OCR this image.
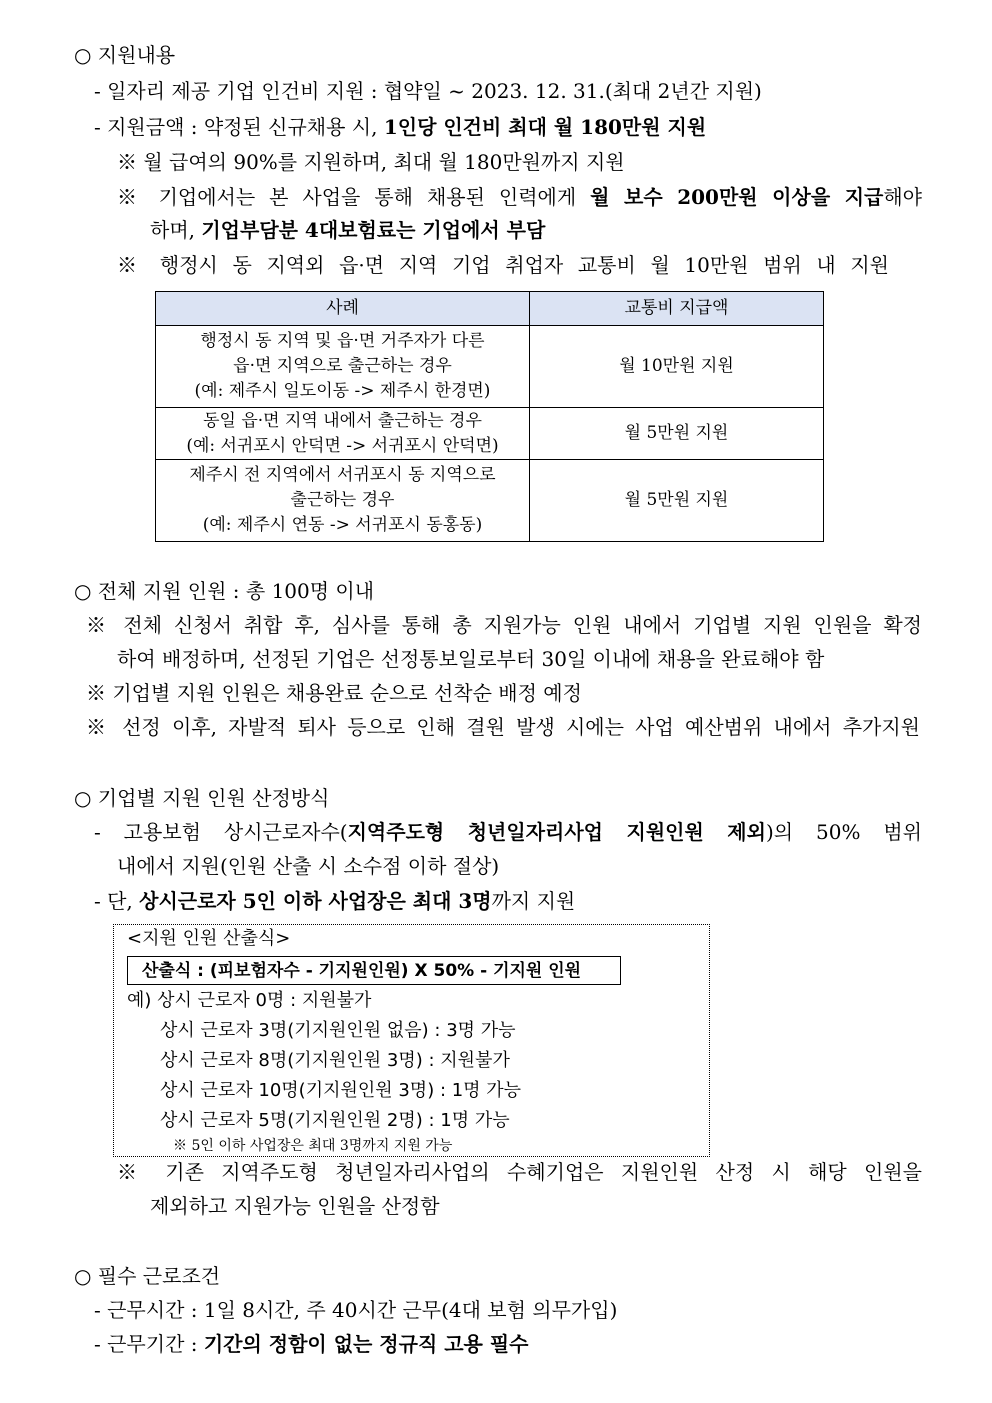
○ 지원내용
- 일자리 제공 기업 인건비 지원 : 협약일 ~ 2023. 12. 31.(최대 2년간 지원)
- 지원금액 : 약정된 신규채용 시, 1인당 인건비 최대 월 180만원 지원
※ 월 급여의 90%를 지원하며, 최대 월 180만원까지 지원
※ 기업에서는 본 사업을 통해 채용된 인력에게 월 보수 200만원 이상을 지급해야
하며, 기업부담분 4대보험료는 기업에서 부담
※ 행정시 동 지역외 읍·면 지역 기업 취업자 교통비 월 10만원 범위 내 지원
사례	교통비 지급액

행정시 동 지역 및 읍·면 거주자가 다른
읍·면 지역으로 출근하는 경우
(예: 제주시 일도이동 -> 제주시 한경면)	월 10만원 지원

동일 읍·면 지역 내에서 출근하는 경우
(예: 서귀포시 안덕면 -> 서귀포시 안덕면)	월 5만원 지원

제주시 전 지역에서 서귀포시 동 지역으로
출근하는 경우
(예: 제주시 연동 -> 서귀포시 동홍동)	월 5만원 지원
○ 전체 지원 인원 : 총 100명 이내
※ 전체 신청서 취합 후, 심사를 통해 총 지원가능 인원 내에서 기업별 지원 인원을 확정
하여 배정하며, 선정된 기업은 선정통보일로부터 30일 이내에 채용을 완료해야 함
※ 기업별 지원 인원은 채용완료 순으로 선착순 배정 예정
※ 선정 이후, 자발적 퇴사 등으로 인해 결원 발생 시에는 사업 예산범위 내에서 추가지원
○ 기업별 지원 인원 산정방식
- 고용보험 상시근로자수(지역주도형 청년일자리사업 지원인원 제외)의 50% 범위
내에서 지원(인원 산출 시 소수점 이하 절상)
- 단, 상시근로자 5인 이하 사업장은 최대 3명까지 지원
<지원 인원 산출식>
산출식 : (피보험자수 - 기지원인원) X 50% - 기지원 인원
예) 상시 근로자 0명 : 지원불가
상시 근로자 3명(기지원인원 없음) : 3명 가능
상시 근로자 8명(기지원인원 3명) : 지원불가
상시 근로자 10명(기지원인원 3명) : 1명 가능
상시 근로자 5명(기지원인원 2명) : 1명 가능
※ 5인 이하 사업장은 최대 3명까지 지원 가능
※ 기존 지역주도형 청년일자리사업의 수혜기업은 지원인원 산정 시 해당 인원을
제외하고 지원가능 인원을 산정함
○ 필수 근로조건
- 근무시간 : 1일 8시간, 주 40시간 근무(4대 보험 의무가입)
- 근무기간 : 기간의 정함이 없는 정규직 고용 필수
